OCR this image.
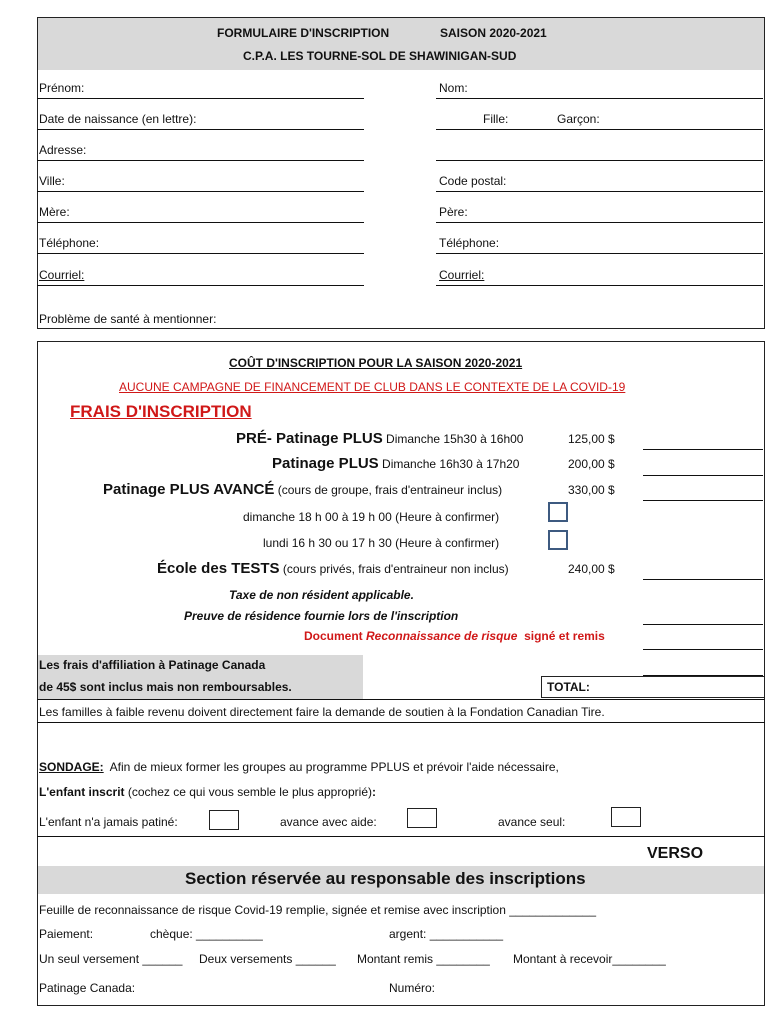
FORMULAIRE D'INSCRIPTION	SAISON 2020-2021
C.P.A. LES TOURNE-SOL DE SHAWINIGAN-SUD
Prénom:	Nom:
Date de naissance (en lettre):	Fille:	Garçon:
Adresse:
Ville:	Code postal:
Mère:	Père:
Téléphone:	Téléphone:
Courriel:	Courriel:
Problème de santé à mentionner:
COÛT D'INSCRIPTION POUR LA SAISON 2020-2021
AUCUNE CAMPAGNE DE FINANCEMENT DE CLUB DANS LE CONTEXTE DE LA COVID-19
FRAIS D'INSCRIPTION
PRÉ- Patinage PLUS Dimanche 15h30 à 16h00	125,00 $
Patinage PLUS Dimanche 16h30 à 17h20	200,00 $
Patinage PLUS AVANCÉ (cours de groupe, frais d'entraineur inclus)	330,00 $
dimanche 18 h 00 à 19 h 00 (Heure à confirmer)
lundi 16 h 30 ou 17 h 30 (Heure à confirmer)
École des TESTS (cours privés, frais d'entraineur non inclus)	240,00 $
Taxe de non résident applicable.
Preuve de résidence fournie lors de l'inscription
Document Reconnaissance de risque  signé et remis
Les frais d'affiliation à Patinage Canada
de 45$ sont inclus mais non remboursables.	TOTAL:
Les familles à faible revenu doivent directement faire la demande de soutien à la Fondation Canadian Tire.
SONDAGE:  Afin de mieux former les groupes au programme PPLUS et prévoir l'aide nécessaire,
L'enfant inscrit (cochez ce qui vous semble le plus approprié):
L'enfant n'a jamais patiné:	avance avec aide:	avance seul:
VERSO
Section réservée au responsable des inscriptions
Feuille de reconnaissance de risque Covid-19 remplie, signée et remise avec inscription _____________
Paiement:	chèque: __________	argent: ___________
Un seul versement ______ Deux versements ______ Montant remis ________ Montant à recevoir________
Patinage Canada:	Numéro:
